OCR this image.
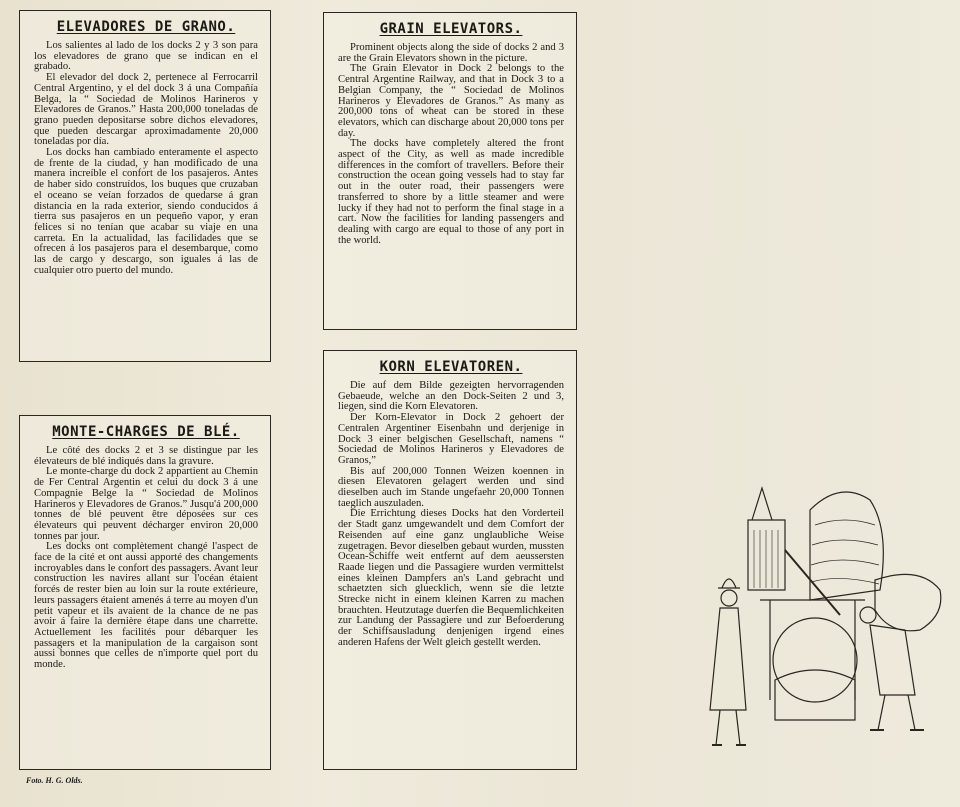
ELEVADORES DE GRANO.

Los salientes al lado de los docks 2 y 3 son para los elevadores de grano que se indican en el grabado.

El elevador del dock 2, pertenece al Ferrocarril Central Argentino, y el del dock 3 á una Compañía Belga, la “ Sociedad de Molinos Harineros y Elevadores de Granos.” Hasta 200,000 toneladas de grano pueden depositarse sobre dichos elevadores, que pueden descargar aproximadamente 20,000 toneladas por día.

Los docks han cambiado enteramente el aspecto de frente de la ciudad, y han modificado de una manera increíble el confort de los pasajeros. Antes de haber sido construídos, los buques que cruzaban el oceano se veían forzados de quedarse á gran distancia en la rada exterior, siendo conducidos á tierra sus pasajeros en un pequeño vapor, y eran felices si no tenían que acabar su viaje en una carreta. En la actualidad, las facilidades que se ofrecen á los pasajeros para el desembarque, como las de cargo y descargo, son iguales á las de cualquier otro puerto del mundo.

GRAIN ELEVATORS.

Prominent objects along the side of docks 2 and 3 are the Grain Elevators shown in the picture.

The Grain Elevator in Dock 2 belongs to the Central Argentine Railway, and that in Dock 3 to a Belgian Company, the “ Sociedad de Molinos Harineros y Elevadores de Granos.” As many as 200,000 tons of wheat can be stored in these elevators, which can discharge about 20,000 tons per day.

The docks have completely altered the front aspect of the City, as well as made incredible differences in the comfort of travellers. Before their construction the ocean going vessels had to stay far out in the outer road, their passengers were transferred to shore by a little steamer and were lucky if they had not to perform the final stage in a cart. Now the facilities for landing passengers and dealing with cargo are equal to those of any port in the world.

MONTE-CHARGES DE BLÉ.

Le côté des docks 2 et 3 se distingue par les élevateurs de blé indiqués dans la gravure.

Le monte-charge du dock 2 appartient au Chemin de Fer Central Argentin et celui du dock 3 á une Compagnie Belge la “ Sociedad de Molinos Harineros y Elevadores de Granos.” Jusqu'á 200,000 tonnes de blé peuvent être déposées sur ces élevateurs qui peuvent décharger environ 20,000 tonnes par jour.

Les docks ont complètement changé l'aspect de face de la cité et ont aussi apporté des changements incroyables dans le confort des passagers. Avant leur construction les navires allant sur l'océan étaient forcés de rester bien au loin sur la route extérieure, leurs passagers étaient amenés á terre au moyen d'un petit vapeur et ils avaient de la chance de ne pas avoir á faire la dernière étape dans une charrette. Actuellement les facilités pour débarquer les passagers et la manipulation de la cargaison sont aussi bonnes que celles de n'importe quel port du monde.

KORN ELEVATOREN.

Die auf dem Bilde gezeigten hervorragenden Gebaeude, welche an den Dock-Seiten 2 und 3, liegen, sind die Korn Elevatoren.

Der Korn-Elevator in Dock 2 gehoert der Centralen Argentiner Eisenbahn und derjenige in Dock 3 einer belgischen Gesellschaft, namens “ Sociedad de Molinos Harineros y Elevadores de Granos,”

Bis auf 200,000 Tonnen Weizen koennen in diesen Elevatoren gelagert werden und sind dieselben auch im Stande ungefaehr 20,000 Tonnen taeglich auszuladen.

Die Errichtung dieses Docks hat den Vorderteil der Stadt ganz umgewandelt und dem Comfort der Reisenden auf eine ganz unglaubliche Weise zugetragen. Bevor dieselben gebaut wurden, mussten Ocean-Schiffe weit entfernt auf dem aeussersten Raade liegen und die Passagiere wurden vermittelst eines kleinen Dampfers an's Land gebracht und schaetzten sich gluecklich, wenn sie die letzte Strecke nicht in einem kleinen Karren zu machen brauchten. Heutzutage duerfen die Bequemlichkeiten zur Landung der Passagiere und zur Befoerderung der Schiffsausladung denjenigen irgend eines anderen Hafens der Welt gleich gestellt werden.

Foto. H. G. Olds.
